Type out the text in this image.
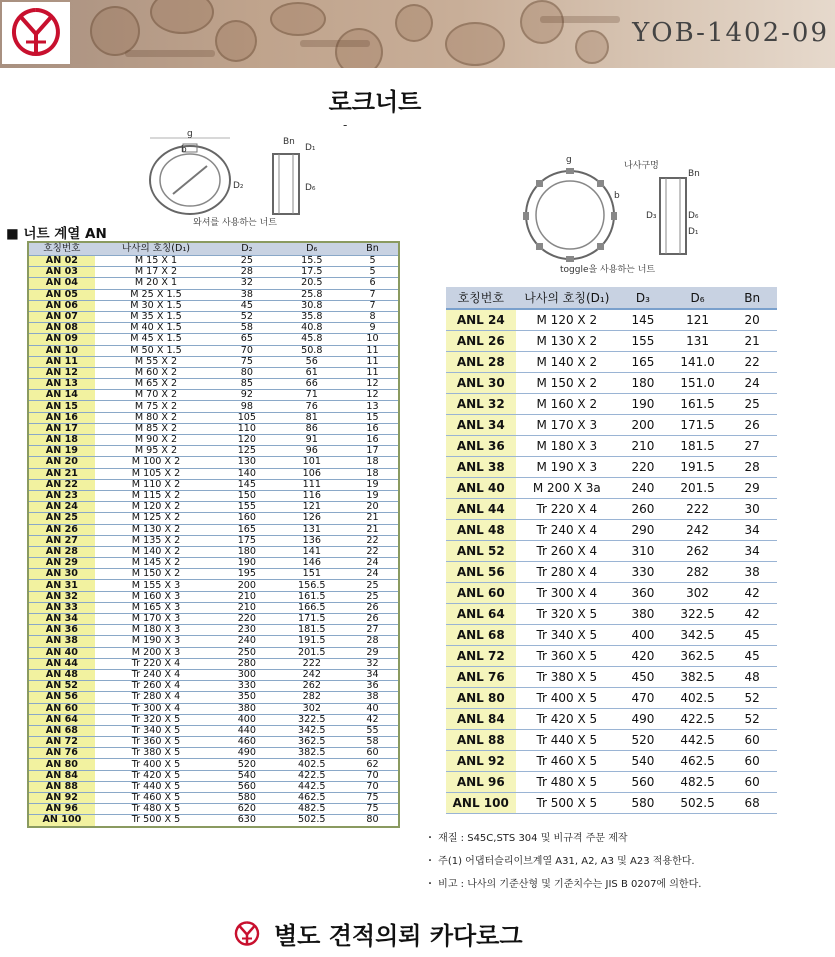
YOB-1402-09
로크너트
-
g
b
D₂
Bn
D₁
D₆
와셔를 사용하는 너트
g
b
나사구멍
Bn
D₃	D₆
D₁
toggle을 사용하는 너트
■ 너트 계열 AN
호칭번호	나사의 호칭(D₁)	D₂	D₆	Bn
AN 02	M 15 X 1	25	15.5	5
AN 03	M 17 X 2	28	17.5	5
AN 04	M 20 X 1	32	20.5	6
AN 05	M 25 X 1.5	38	25.8	7
AN 06	M 30 X 1.5	45	30.8	7
AN 07	M 35 X 1.5	52	35.8	8
AN 08	M 40 X 1.5	58	40.8	9
AN 09	M 45 X 1.5	65	45.8	10
AN 10	M 50 X 1.5	70	50.8	11
AN 11	M 55 X 2	75	56	11
AN 12	M 60 X 2	80	61	11
AN 13	M 65 X 2	85	66	12
AN 14	M 70 X 2	92	71	12
AN 15	M 75 X 2	98	76	13
AN 16	M 80 X 2	105	81	15
AN 17	M 85 X 2	110	86	16
AN 18	M 90 X 2	120	91	16
AN 19	M 95 X 2	125	96	17
AN 20	M 100 X 2	130	101	18
AN 21	M 105 X 2	140	106	18
AN 22	M 110 X 2	145	111	19
AN 23	M 115 X 2	150	116	19
AN 24	M 120 X 2	155	121	20
AN 25	M 125 X 2	160	126	21
AN 26	M 130 X 2	165	131	21
AN 27	M 135 X 2	175	136	22
AN 28	M 140 X 2	180	141	22
AN 29	M 145 X 2	190	146	24
AN 30	M 150 X 2	195	151	24
AN 31	M 155 X 3	200	156.5	25
AN 32	M 160 X 3	210	161.5	25
AN 33	M 165 X 3	210	166.5	26
AN 34	M 170 X 3	220	171.5	26
AN 36	M 180 X 3	230	181.5	27
AN 38	M 190 X 3	240	191.5	28
AN 40	M 200 X 3	250	201.5	29
AN 44	Tr 220 X 4	280	222	32
AN 48	Tr 240 X 4	300	242	34
AN 52	Tr 260 X 4	330	262	36
AN 56	Tr 280 X 4	350	282	38
AN 60	Tr 300 X 4	380	302	40
AN 64	Tr 320 X 5	400	322.5	42
AN 68	Tr 340 X 5	440	342.5	55
AN 72	Tr 360 X 5	460	362.5	58
AN 76	Tr 380 X 5	490	382.5	60
AN 80	Tr 400 X 5	520	402.5	62
AN 84	Tr 420 X 5	540	422.5	70
AN 88	Tr 440 X 5	560	442.5	70
AN 92	Tr 460 X 5	580	462.5	75
AN 96	Tr 480 X 5	620	482.5	75
AN 100	Tr 500 X 5	630	502.5	80
호칭번호	나사의 호칭(D₁)	D₃	D₆	Bn
ANL 24	M 120 X 2	145	121	20
ANL 26	M 130 X 2	155	131	21
ANL 28	M 140 X 2	165	141.0	22
ANL 30	M 150 X 2	180	151.0	24
ANL 32	M 160 X 2	190	161.5	25
ANL 34	M 170 X 3	200	171.5	26
ANL 36	M 180 X 3	210	181.5	27
ANL 38	M 190 X 3	220	191.5	28
ANL 40	M 200 X 3a	240	201.5	29
ANL 44	Tr 220 X 4	260	222	30
ANL 48	Tr 240 X 4	290	242	34
ANL 52	Tr 260 X 4	310	262	34
ANL 56	Tr 280 X 4	330	282	38
ANL 60	Tr 300 X 4	360	302	42
ANL 64	Tr 320 X 5	380	322.5	42
ANL 68	Tr 340 X 5	400	342.5	45
ANL 72	Tr 360 X 5	420	362.5	45
ANL 76	Tr 380 X 5	450	382.5	48
ANL 80	Tr 400 X 5	470	402.5	52
ANL 84	Tr 420 X 5	490	422.5	52
ANL 88	Tr 440 X 5	520	442.5	60
ANL 92	Tr 460 X 5	540	462.5	60
ANL 96	Tr 480 X 5	560	482.5	60
ANL 100	Tr 500 X 5	580	502.5	68
・ 재질 : S45C,STS 304 및 비규격 주문 제작
・ 주(1) 어댑터슬리이브계열 A31, A2, A3 및 A23 적용한다.
・ 비고 : 나사의 기준산형 및 기준치수는 JIS B 0207에 의한다.
별도 견적의뢰 카다로그
